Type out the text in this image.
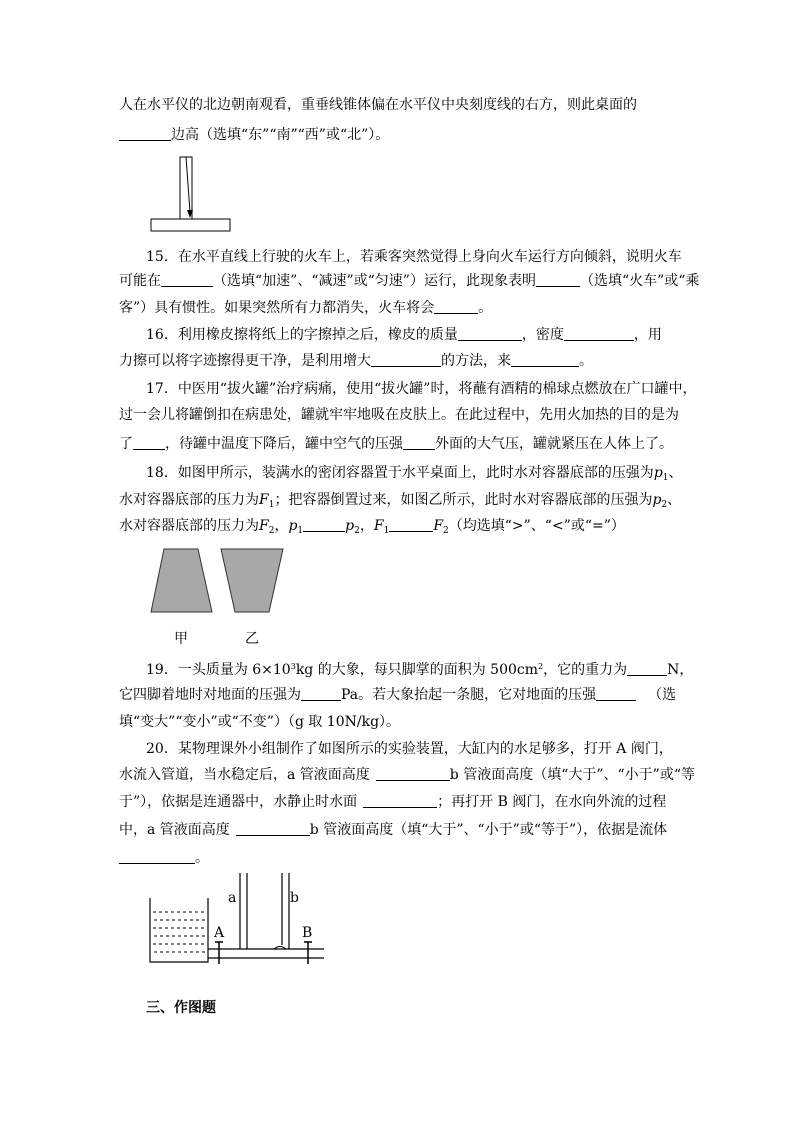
人在水平仪的北边朝南观看，重垂线锥体偏在水平仪中央刻度线的右方，则此桌面的
边高（选填“东”“南”“西”或“北”）。
15．在水平直线上行驶的火车上，若乘客突然觉得上身向火车运行方向倾斜，说明火车
可能在	（选填“加速”、“减速”或“匀速”）运行，此现象表明	（选填“火车”或“乘
客”）具有惯性。如果突然所有力都消失，火车将会	。
16．利用橡皮擦将纸上的字擦掉之后，橡皮的质量	，密度	，用
力擦可以将字迹擦得更干净，是利用增大	的方法，来	。
17．中医用“拔火罐”治疗病痛，使用“拔火罐”时，将蘸有酒精的棉球点燃放在广口罐中，
过一会儿将罐倒扣在病患处，罐就牢牢地吸在皮肤上。在此过程中，先用火加热的目的是为
了 ，待罐中温度下降后，罐中空气的压强 外面的大气压，罐就紧压在人体上了。
18．如图甲所示，装满水的密闭容器置于水平桌面上，此时水对容器底部的压强为$p_1$、
水对容器底部的压力为$F_1$；把容器倒置过来，如图乙所示，此时水对容器底部的压强为$p_2$、
水对容器底部的压力为$F_2$，$p_1$	$p_2$，$F_1$	$F_2$（均选填“>”、“<”或“=”）
甲	乙
19．一头质量为 $6\times 10^3kg$ 的大象，每只脚掌的面积为 $500cm^2$，它的重力为	N，
它四脚着地时对地面的压强为	Pa。若大象抬起一条腿，它对地面的压强	（选
填“变大”“变小”或“不变”）（g 取 10N/kg）。
20．某物理课外小组制作了如图所示的实验装置，大缸内的水足够多，打开 A 阀门，
水流入管道，当水稳定后，a 管液面高度	b 管液面高度（填“大于”、“小于”或“等
于”），依据是连通器中，水静止时水面	；再打开 B 阀门，在水向外流的过程
中，a 管液面高度	b 管液面高度（填“大于”、“小于”或“等于”），依据是流体
。
a	b
A	B
三、作图题
